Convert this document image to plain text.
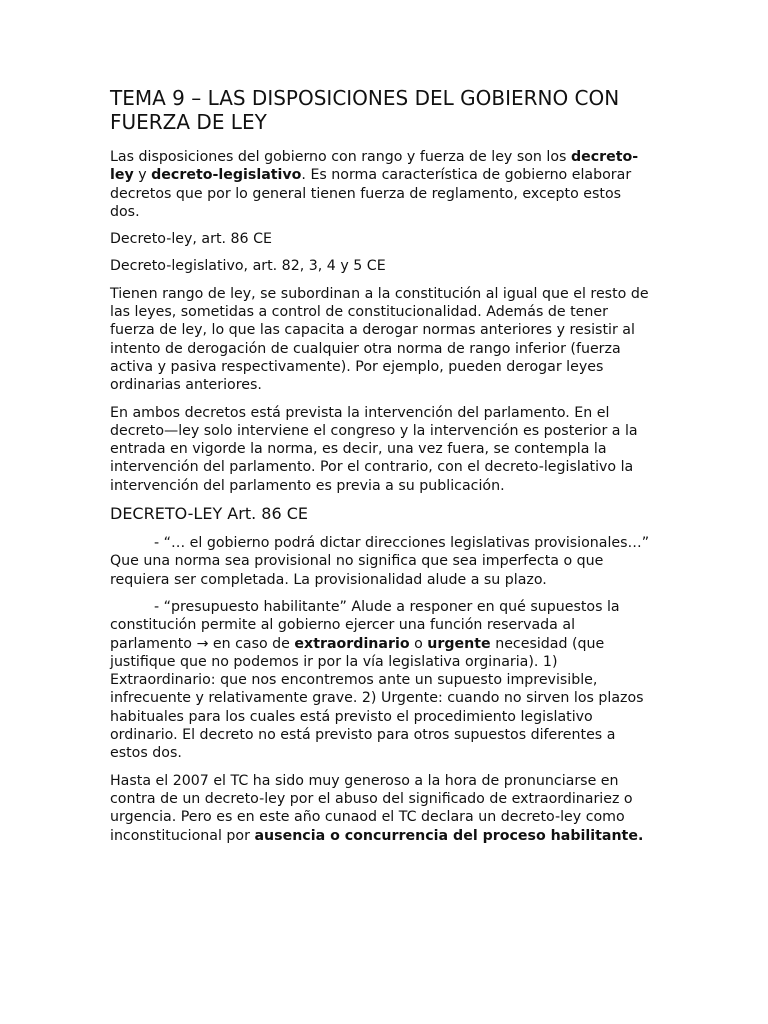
TEMA 9 – LAS DISPOSICIONES DEL GOBIERNO CON FUERZA DE LEY

Las disposiciones del gobierno con rango y fuerza de ley son los decreto-ley y decreto-legislativo. Es norma característica de gobierno elaborar decretos que por lo general tienen fuerza de reglamento, excepto estos dos.

Decreto-ley, art. 86 CE

Decreto-legislativo, art. 82, 3, 4 y 5 CE

Tienen rango de ley, se subordinan a la constitución al igual que el resto de las leyes, sometidas a control de constitucionalidad. Además de tener fuerza de ley, lo que las capacita a derogar normas anteriores y resistir al intento de derogación de cualquier otra norma de rango inferior (fuerza activa y pasiva respectivamente). Por ejemplo, pueden derogar leyes ordinarias anteriores.

En ambos decretos está prevista la intervención del parlamento. En el decreto—ley solo interviene el congreso y la intervención es posterior a la entrada en vigorde la norma, es decir, una vez fuera, se contempla la intervención del parlamento. Por el contrario, con el decreto-legislativo la intervención del parlamento es previa a su publicación.

DECRETO-LEY Art. 86 CE

- “… el gobierno podrá dictar direcciones legislativas provisionales…” Que una norma sea provisional no significa que sea imperfecta o que requiera ser completada. La provisionalidad alude a su plazo.

- “presupuesto habilitante” Alude a responer en qué supuestos la constitución permite al gobierno ejercer una función reservada al parlamento → en caso de extraordinario o urgente necesidad (que justifique que no podemos ir por la vía legislativa orginaria). 1) Extraordinario: que nos encontremos ante un supuesto imprevisible, infrecuente y relativamente grave. 2) Urgente: cuando no sirven los plazos habituales para los cuales está previsto el procedimiento legislativo ordinario. El decreto no está previsto para otros supuestos diferentes a estos dos.

Hasta el 2007 el TC ha sido muy generoso a la hora de pronunciarse en contra de un decreto-ley por el abuso del significado de extraordinariez o urgencia. Pero es en este año cunaod el TC declara un decreto-ley como inconstitucional por ausencia o concurrencia del proceso habilitante.
